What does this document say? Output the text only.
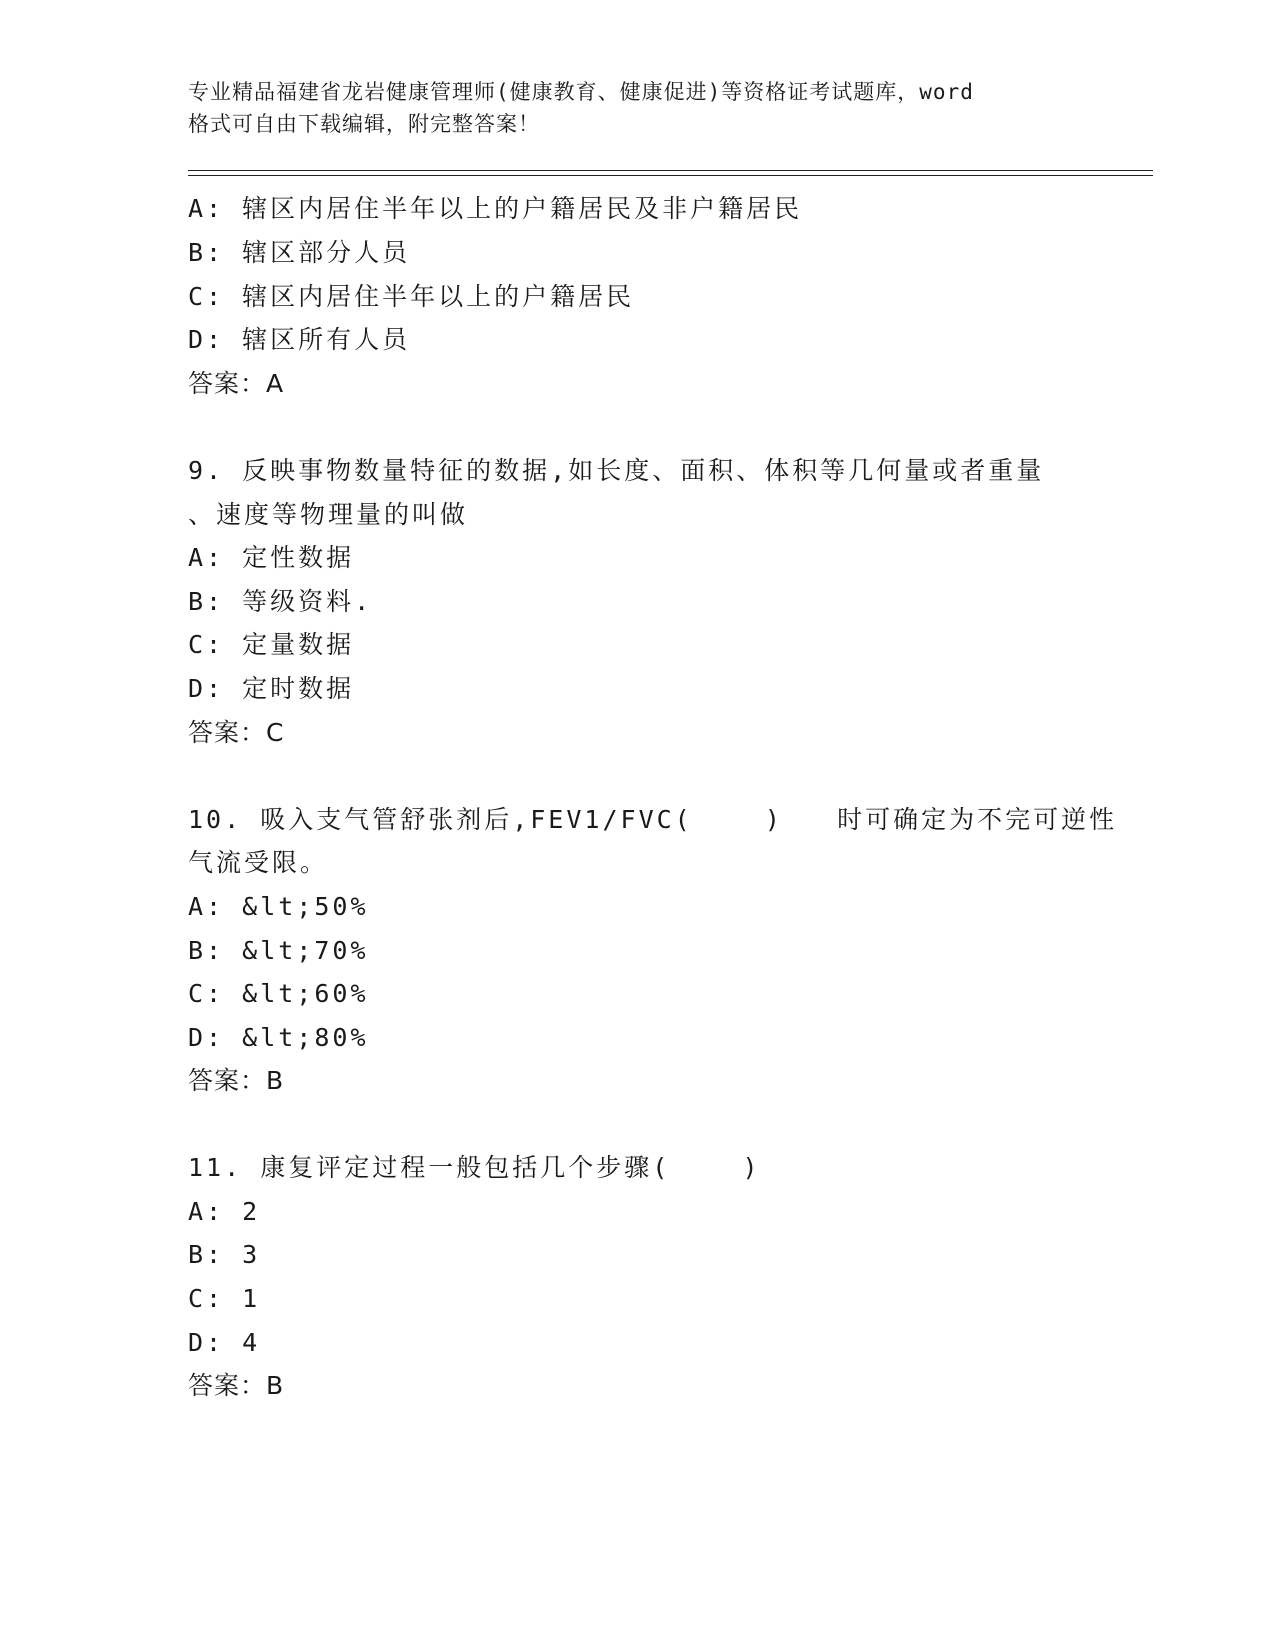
专业精品福建省龙岩健康管理师(健康教育、健康促进)等资格证考试题库，word
格式可自由下载编辑，附完整答案！
A: 辖区内居住半年以上的户籍居民及非户籍居民
B: 辖区部分人员
C: 辖区内居住半年以上的户籍居民
D: 辖区所有人员
答案：A
9. 反映事物数量特征的数据,如长度、面积、体积等几何量或者重量
、速度等物理量的叫做
A: 定性数据
B: 等级资料.
C: 定量数据
D: 定时数据
答案：C
10. 吸入支气管舒张剂后,FEV1/FVC(    )   时可确定为不完可逆性
气流受限。
A: &lt;50%
B: &lt;70%
C: &lt;60%
D: &lt;80%
答案：B
11. 康复评定过程一般包括几个步骤(    )
A: 2
B: 3
C: 1
D: 4
答案：B
